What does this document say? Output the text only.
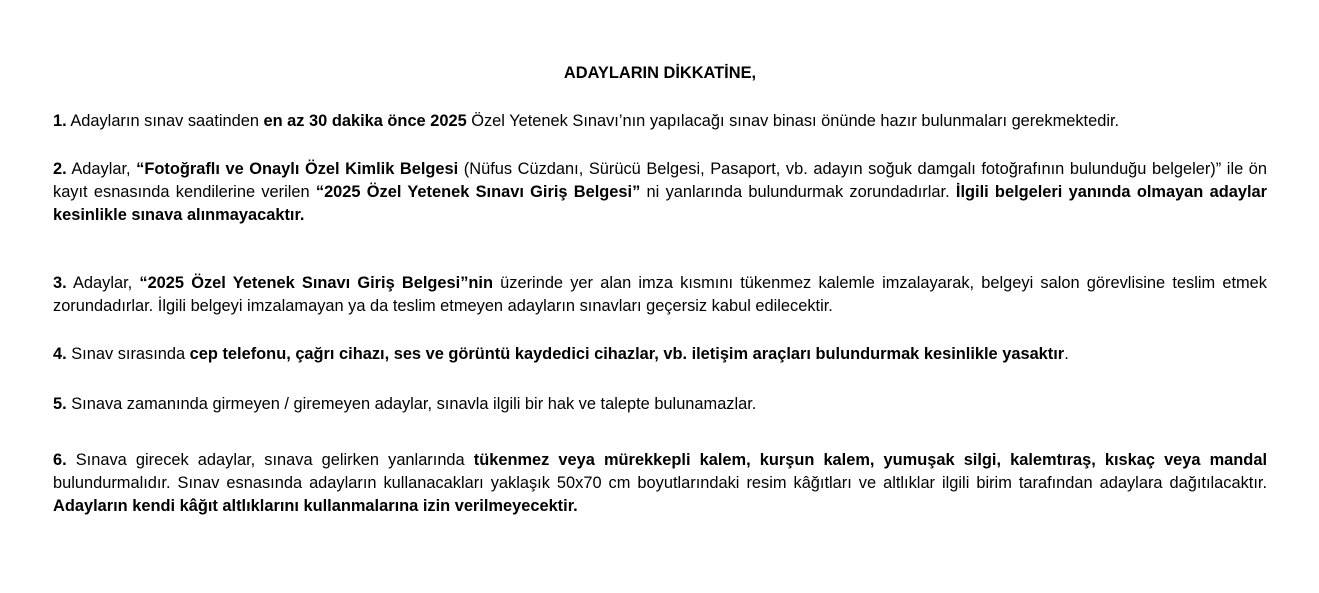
ADAYLARIN DİKKATİNE,

1. Adayların sınav saatinden en az 30 dakika önce 2025 Özel Yetenek Sınavı’nın yapılacağı sınav binası önünde hazır bulunmaları gerekmektedir.

2. Adaylar, “Fotoğraflı ve Onaylı Özel Kimlik Belgesi (Nüfus Cüzdanı, Sürücü Belgesi, Pasaport, vb. adayın soğuk damgalı fotoğrafının bulunduğu belgeler)” ile ön kayıt esnasında kendilerine verilen “2025 Özel Yetenek Sınavı Giriş Belgesi” ni yanlarında bulundurmak zorundadırlar. İlgili belgeleri yanında olmayan adaylar kesinlikle sınava alınmayacaktır.

3. Adaylar, “2025 Özel Yetenek Sınavı Giriş Belgesi”nin üzerinde yer alan imza kısmını tükenmez kalemle imzalayarak, belgeyi salon görevlisine teslim etmek zorundadırlar. İlgili belgeyi imzalamayan ya da teslim etmeyen adayların sınavları geçersiz kabul edilecektir.

4. Sınav sırasında cep telefonu, çağrı cihazı, ses ve görüntü kaydedici cihazlar, vb. iletişim araçları bulundurmak kesinlikle yasaktır.

5. Sınava zamanında girmeyen / giremeyen adaylar, sınavla ilgili bir hak ve talepte bulunamazlar.

6. Sınava girecek adaylar, sınava gelirken yanlarında tükenmez veya mürekkepli kalem, kurşun kalem, yumuşak silgi, kalemtıraş, kıskaç veya mandal bulundurmalıdır. Sınav esnasında adayların kullanacakları yaklaşık 50x70 cm boyutlarındaki resim kâğıtları ve altlıklar ilgili birim tarafından adaylara dağıtılacaktır. Adayların kendi kâğıt altlıklarını kullanmalarına izin verilmeyecektir.
